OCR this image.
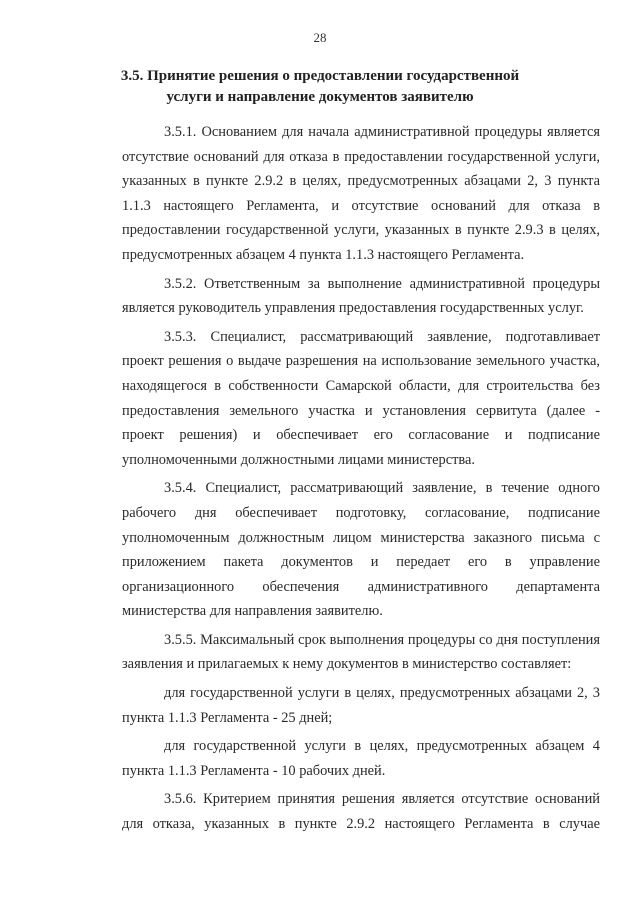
28
3.5. Принятие решения о предоставлении государственной услуги и направление документов заявителю

3.5.1. Основанием для начала административной процедуры является отсутствие оснований для отказа в предоставлении государственной услуги, указанных в пункте 2.9.2 в целях, предусмотренных абзацами 2, 3 пункта 1.1.3 настоящего Регламента, и отсутствие оснований для отказа в предоставлении государственной услуги, указанных в пункте 2.9.3 в целях, предусмотренных абзацем 4 пункта 1.1.3 настоящего Регламента.

3.5.2. Ответственным за выполнение административной процедуры является руководитель управления предоставления государственных услуг.

3.5.3. Специалист, рассматривающий заявление, подготавливает проект решения о выдаче разрешения на использование земельного участка, находящегося в собственности Самарской области, для строительства без предоставления земельного участка и установления сервитута (далее - проект решения) и обеспечивает его согласование и подписание уполномоченными должностными лицами министерства.

3.5.4. Специалист, рассматривающий заявление, в течение одного рабочего дня обеспечивает подготовку, согласование, подписание уполномоченным должностным лицом министерства заказного письма с приложением пакета документов и передает его в управление организационного обеспечения административного департамента министерства для направления заявителю.

3.5.5. Максимальный срок выполнения процедуры со дня поступления заявления и прилагаемых к нему документов в министерство составляет:

для государственной услуги в целях, предусмотренных абзацами 2, 3 пункта 1.1.3 Регламента - 25 дней;

для государственной услуги в целях, предусмотренных абзацем 4 пункта 1.1.3 Регламента - 10 рабочих дней.

3.5.6. Критерием принятия решения является отсутствие оснований для отказа, указанных в пункте 2.9.2 настоящего Регламента в случае
